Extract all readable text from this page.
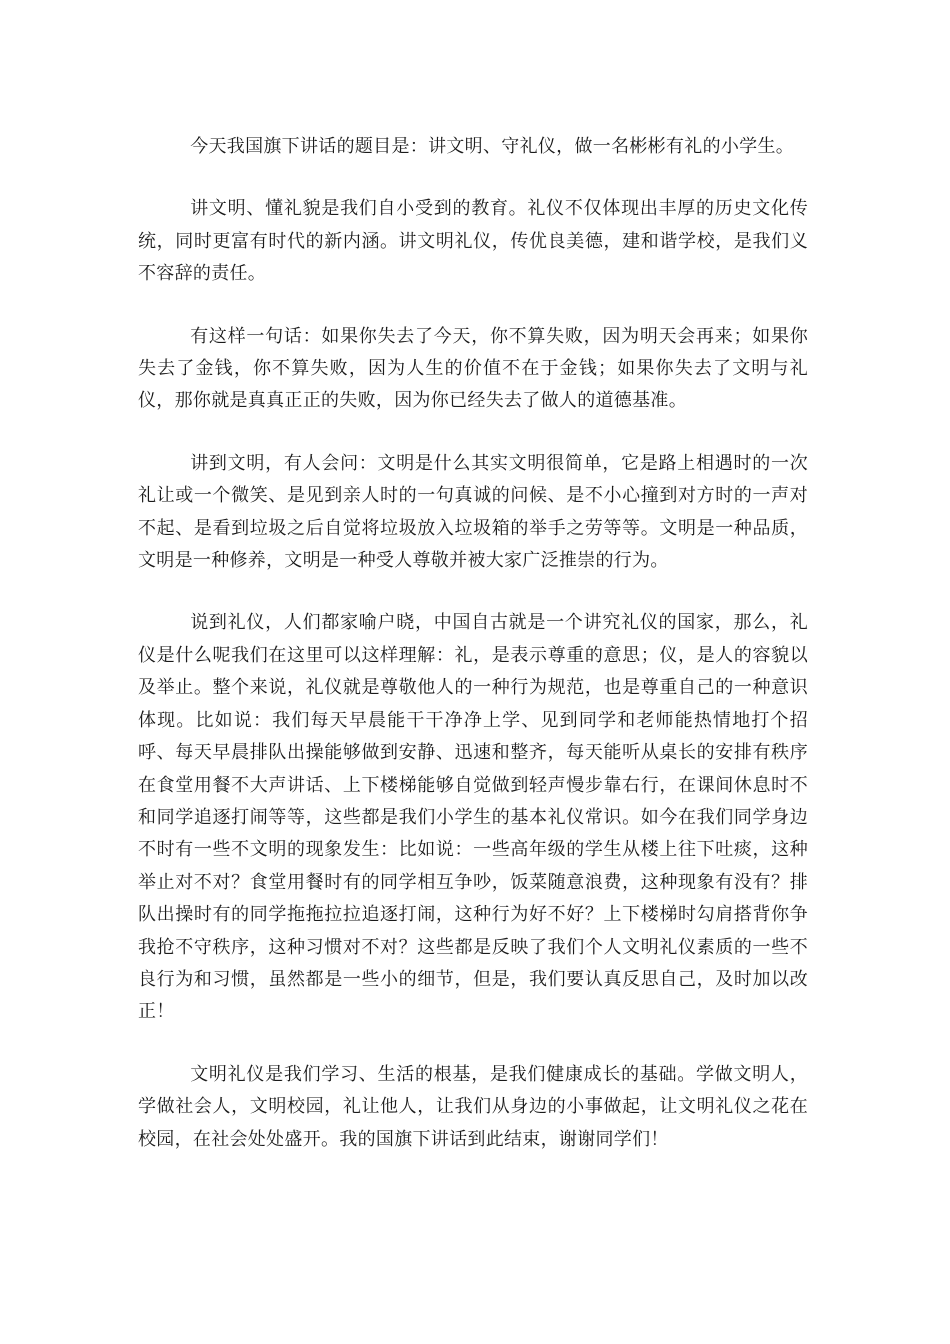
今天我国旗下讲话的题目是：讲文明、守礼仪，做一名彬彬有礼的小学生。

讲文明、懂礼貌是我们自小受到的教育。礼仪不仅体现出丰厚的历史文化传统，同时更富有时代的新内涵。讲文明礼仪，传优良美德，建和谐学校，是我们义不容辞的责任。

有这样一句话：如果你失去了今天，你不算失败，因为明天会再来；如果你失去了金钱，你不算失败，因为人生的价值不在于金钱；如果你失去了文明与礼仪，那你就是真真正正的失败，因为你已经失去了做人的道德基准。

讲到文明，有人会问：文明是什么其实文明很简单，它是路上相遇时的一次礼让或一个微笑、是见到亲人时的一句真诚的问候、是不小心撞到对方时的一声对不起、是看到垃圾之后自觉将垃圾放入垃圾箱的举手之劳等等。文明是一种品质，文明是一种修养，文明是一种受人尊敬并被大家广泛推崇的行为。

说到礼仪，人们都家喻户晓，中国自古就是一个讲究礼仪的国家，那么，礼仪是什么呢我们在这里可以这样理解：礼，是表示尊重的意思；仪，是人的容貌以及举止。整个来说，礼仪就是尊敬他人的一种行为规范，也是尊重自己的一种意识体现。比如说：我们每天早晨能干干净净上学、见到同学和老师能热情地打个招呼、每天早晨排队出操能够做到安静、迅速和整齐，每天能听从桌长的安排有秩序在食堂用餐不大声讲话、上下楼梯能够自觉做到轻声慢步靠右行，在课间休息时不和同学追逐打闹等等，这些都是我们小学生的基本礼仪常识。如今在我们同学身边不时有一些不文明的现象发生：比如说：一些高年级的学生从楼上往下吐痰，这种举止对不对？食堂用餐时有的同学相互争吵，饭菜随意浪费，这种现象有没有？排队出操时有的同学拖拖拉拉追逐打闹，这种行为好不好？上下楼梯时勾肩搭背你争我抢不守秩序，这种习惯对不对？这些都是反映了我们个人文明礼仪素质的一些不良行为和习惯，虽然都是一些小的细节，但是，我们要认真反思自己，及时加以改正！

文明礼仪是我们学习、生活的根基，是我们健康成长的基础。学做文明人，学做社会人，文明校园，礼让他人，让我们从身边的小事做起，让文明礼仪之花在校园，在社会处处盛开。我的国旗下讲话到此结束，谢谢同学们！
